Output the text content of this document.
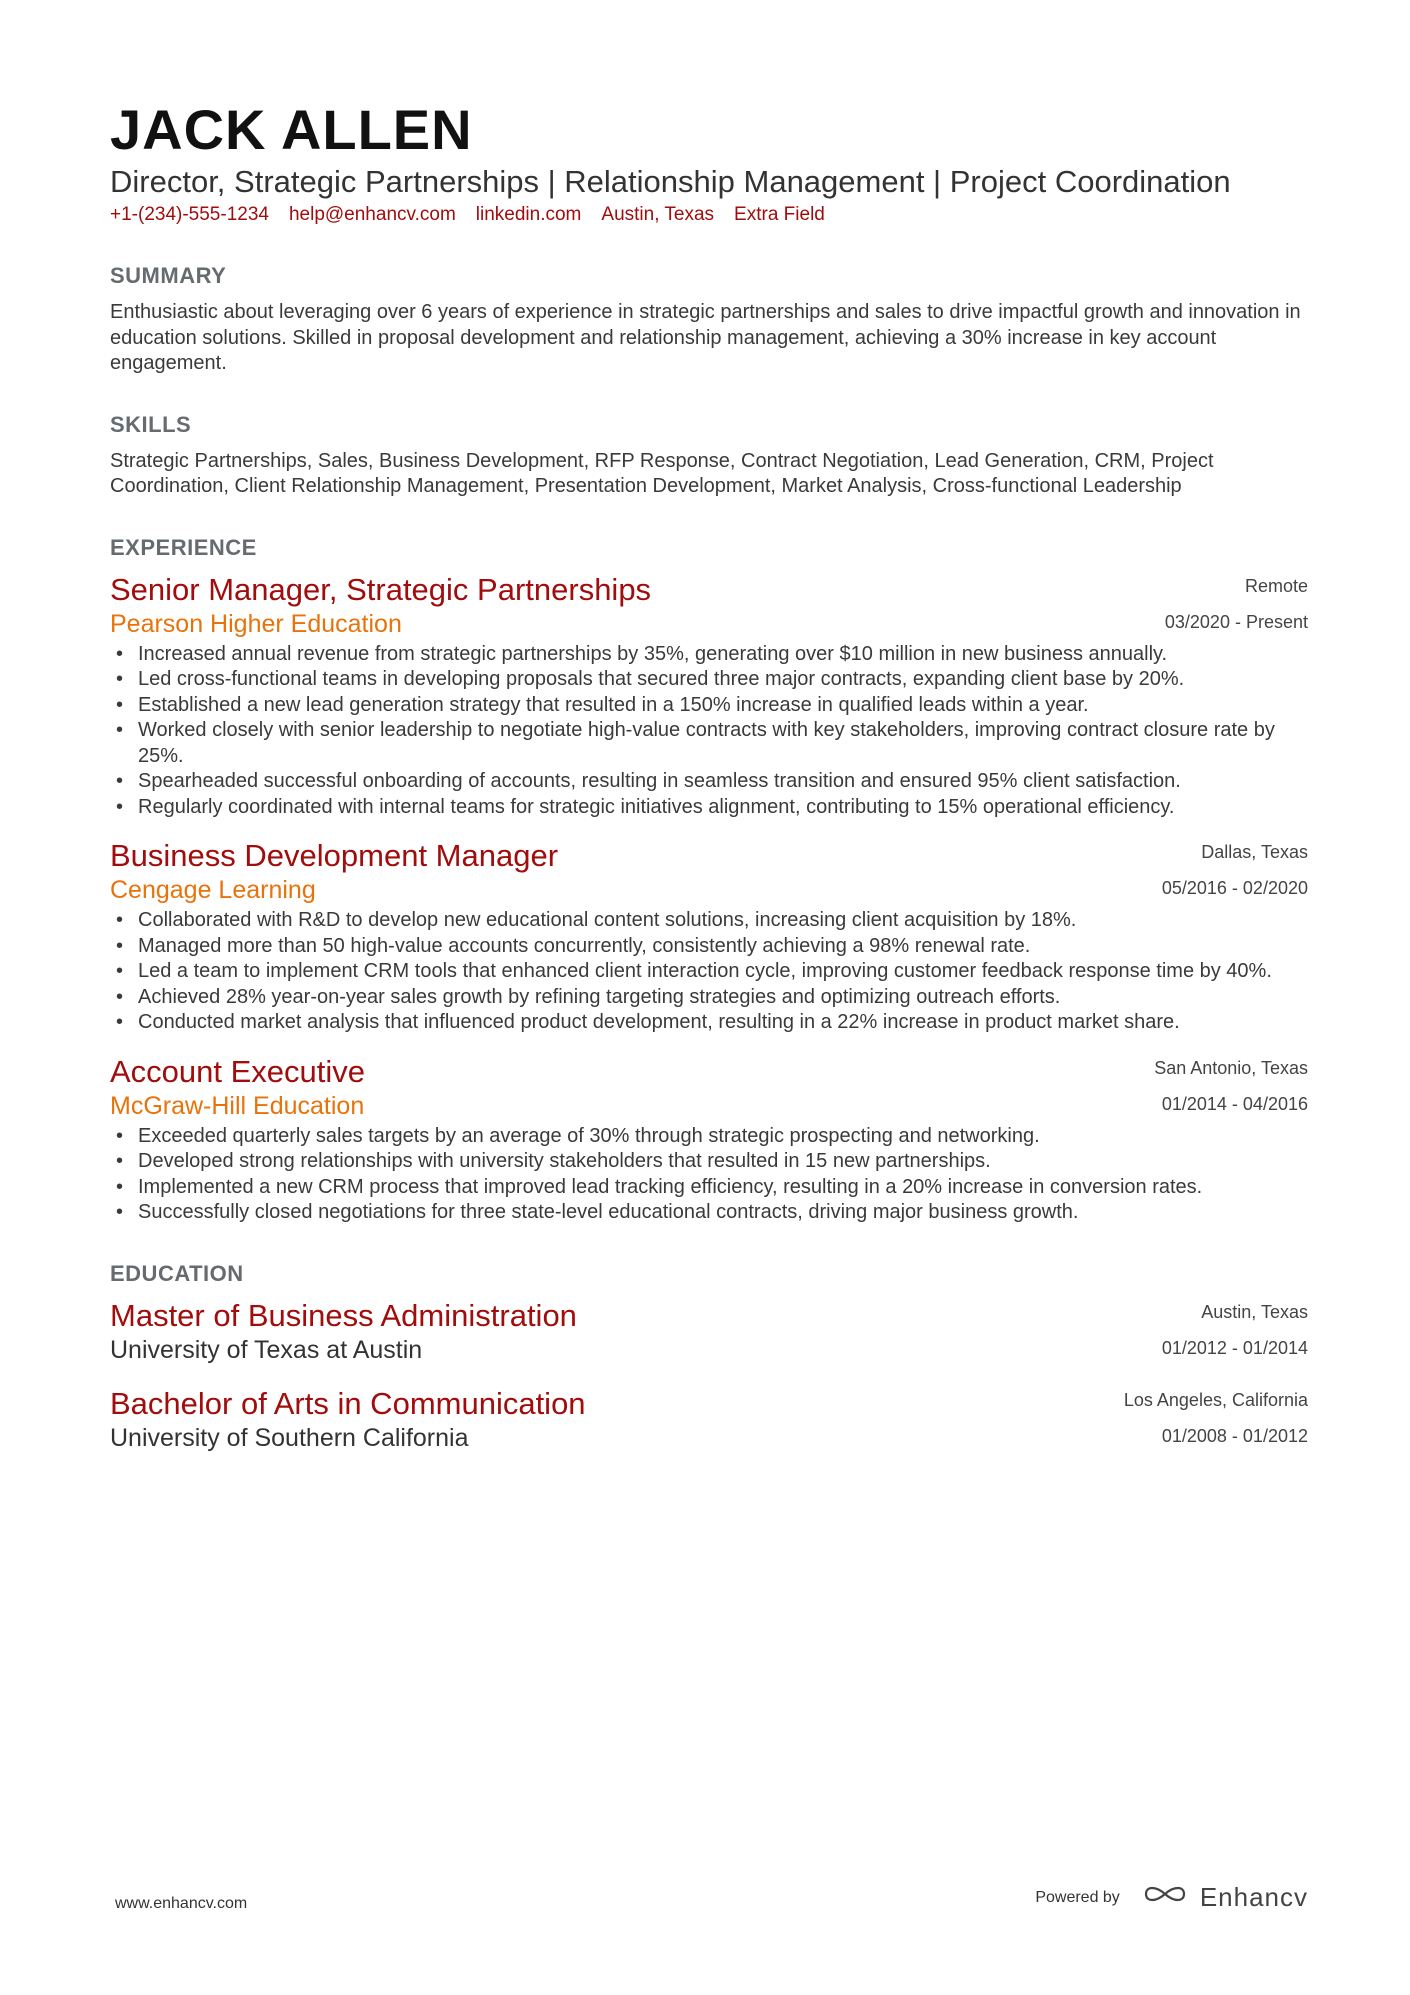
JACK ALLEN
Director, Strategic Partnerships | Relationship Management | Project Coordination
+1-(234)-555-1234 help@enhancv.com linkedin.com Austin, Texas Extra Field
SUMMARY

Enthusiastic about leveraging over 6 years of experience in strategic partnerships and sales to drive impactful growth and innovation in education solutions. Skilled in proposal development and relationship management, achieving a 30% increase in key account engagement.

SKILLS

Strategic Partnerships, Sales, Business Development, RFP Response, Contract Negotiation, Lead Generation, CRM, Project Coordination, Client Relationship Management, Presentation Development, Market Analysis, Cross-functional Leadership

EXPERIENCE
Senior Manager, Strategic Partnerships
Pearson Higher Education
Remote
03/2020 - Present
• Increased annual revenue from strategic partnerships by 35%, generating over $10 million in new business annually.
• Led cross-functional teams in developing proposals that secured three major contracts, expanding client base by 20%.
• Established a new lead generation strategy that resulted in a 150% increase in qualified leads within a year.
• Worked closely with senior leadership to negotiate high-value contracts with key stakeholders, improving contract closure rate by 25%.
• Spearheaded successful onboarding of accounts, resulting in seamless transition and ensured 95% client satisfaction.
• Regularly coordinated with internal teams for strategic initiatives alignment, contributing to 15% operational efficiency.
Business Development Manager
Cengage Learning
Dallas, Texas
05/2016 - 02/2020
• Collaborated with R&D to develop new educational content solutions, increasing client acquisition by 18%.
• Managed more than 50 high-value accounts concurrently, consistently achieving a 98% renewal rate.
• Led a team to implement CRM tools that enhanced client interaction cycle, improving customer feedback response time by 40%.
• Achieved 28% year-on-year sales growth by refining targeting strategies and optimizing outreach efforts.
• Conducted market analysis that influenced product development, resulting in a 22% increase in product market share.
Account Executive
McGraw-Hill Education
San Antonio, Texas
01/2014 - 04/2016
• Exceeded quarterly sales targets by an average of 30% through strategic prospecting and networking.
• Developed strong relationships with university stakeholders that resulted in 15 new partnerships.
• Implemented a new CRM process that improved lead tracking efficiency, resulting in a 20% increase in conversion rates.
• Successfully closed negotiations for three state-level educational contracts, driving major business growth.
EDUCATION
Master of Business Administration
University of Texas at Austin
Austin, Texas
01/2012 - 01/2014
Bachelor of Arts in Communication
University of Southern California
Los Angeles, California
01/2008 - 01/2012
www.enhancv.com	Powered by	Enhancv
